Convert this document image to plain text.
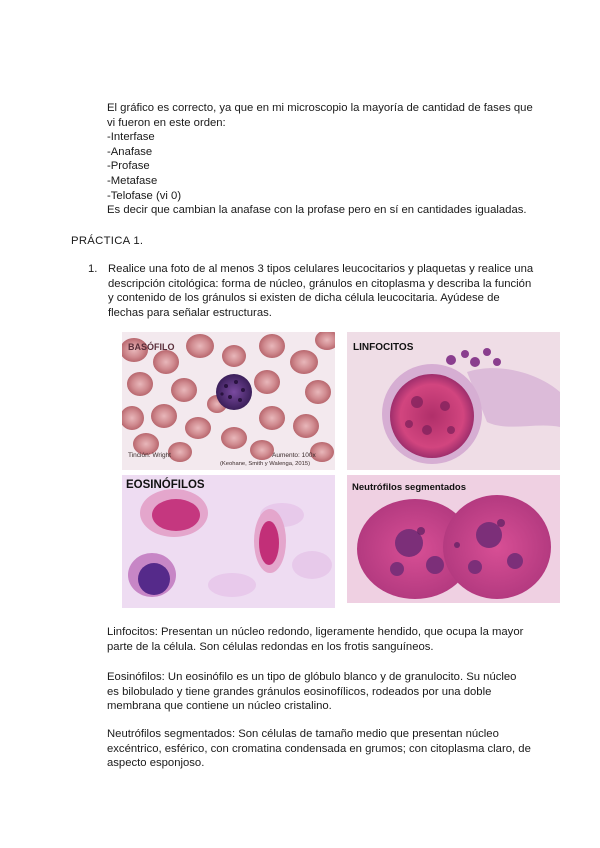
El gráfico es correcto, ya que en mi microscopio la mayoría de cantidad de fases que
vi fueron en este orden:
-Interfase
-Anafase
-Profase
-Metafase
-Telofase (vi 0)
Es decir que cambian la anafase con la profase pero en sí en cantidades igualadas.
PRÁCTICA 1.
1. Realice una foto de al menos 3 tipos celulares leucocitarios y plaquetas y realice una
descripción citológica: forma de núcleo, gránulos en citoplasma y describa la función
y contenido de los gránulos si existen de dicha célula leucocitaria. Ayúdese de
flechas para señalar estructuras.
BASÓFILO
Tinción: Wright	Aumento: 100x
(Keohane, Smith y Walenga, 2015)
LINFOCITOS
EOSINÓFILOS	Neutrófilos segmentados
Linfocitos: Presentan un núcleo redondo, ligeramente hendido, que ocupa la mayor
parte de la célula. Son células redondas en los frotis sanguíneos.
Eosinófilos: Un eosinófilo es un tipo de glóbulo blanco y de granulocito. Su núcleo
es bilobulado y tiene grandes gránulos eosinofílicos, rodeados por una doble
membrana que contiene un núcleo cristalino.
Neutrófilos segmentados: Son células de tamaño medio que presentan núcleo
excéntrico, esférico, con cromatina condensada en grumos; con citoplasma claro, de
aspecto esponjoso.
